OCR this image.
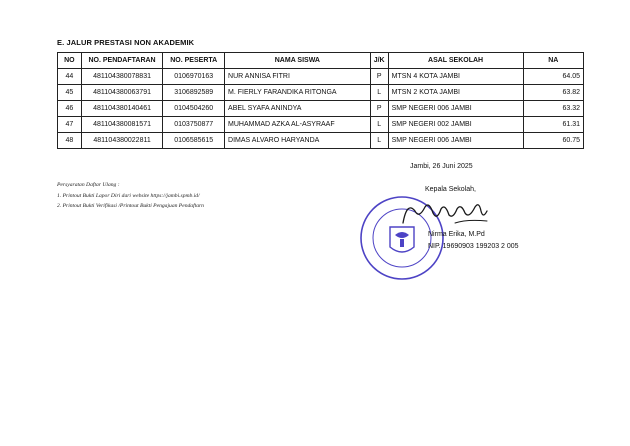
E. JALUR PRESTASI NON AKADEMIK
NO	NO. PENDAFTARAN	NO. PESERTA	NAMA SISWA	J/K	ASAL SEKOLAH	NA
44	481104380078831	0106970163	NUR ANNISA FITRI	P	MTSN 4 KOTA JAMBI	64.05
45	481104380063791	3106892589	M. FIERLY FARANDIKA RITONGA	L	MTSN 2 KOTA JAMBI	63.82
46	481104380140461	0104504260	ABEL SYAFA ANINDYA	P	SMP NEGERI 006 JAMBI	63.32
47	481104380081571	0103750877	MUHAMMAD AZKA AL-ASYRAAF	L	SMP NEGERI 002 JAMBI	61.31
48	481104380022811	0106585615	DIMAS ALVARO HARYANDA	L	SMP NEGERI 006 JAMBI	60.75
Jambi, 26 Juni 2025
Persyaratan Daftar Ulang :
1. Printout Bukti Lapor Diri dari website https://jambi.spmb.id/
2. Printout Bukti Verifikasi /Printout Bukti Pengajuan Pendaftarn
Kepala Sekolah,
Nirma Erika, M.Pd
NIP. 19690903 199203 2 005
